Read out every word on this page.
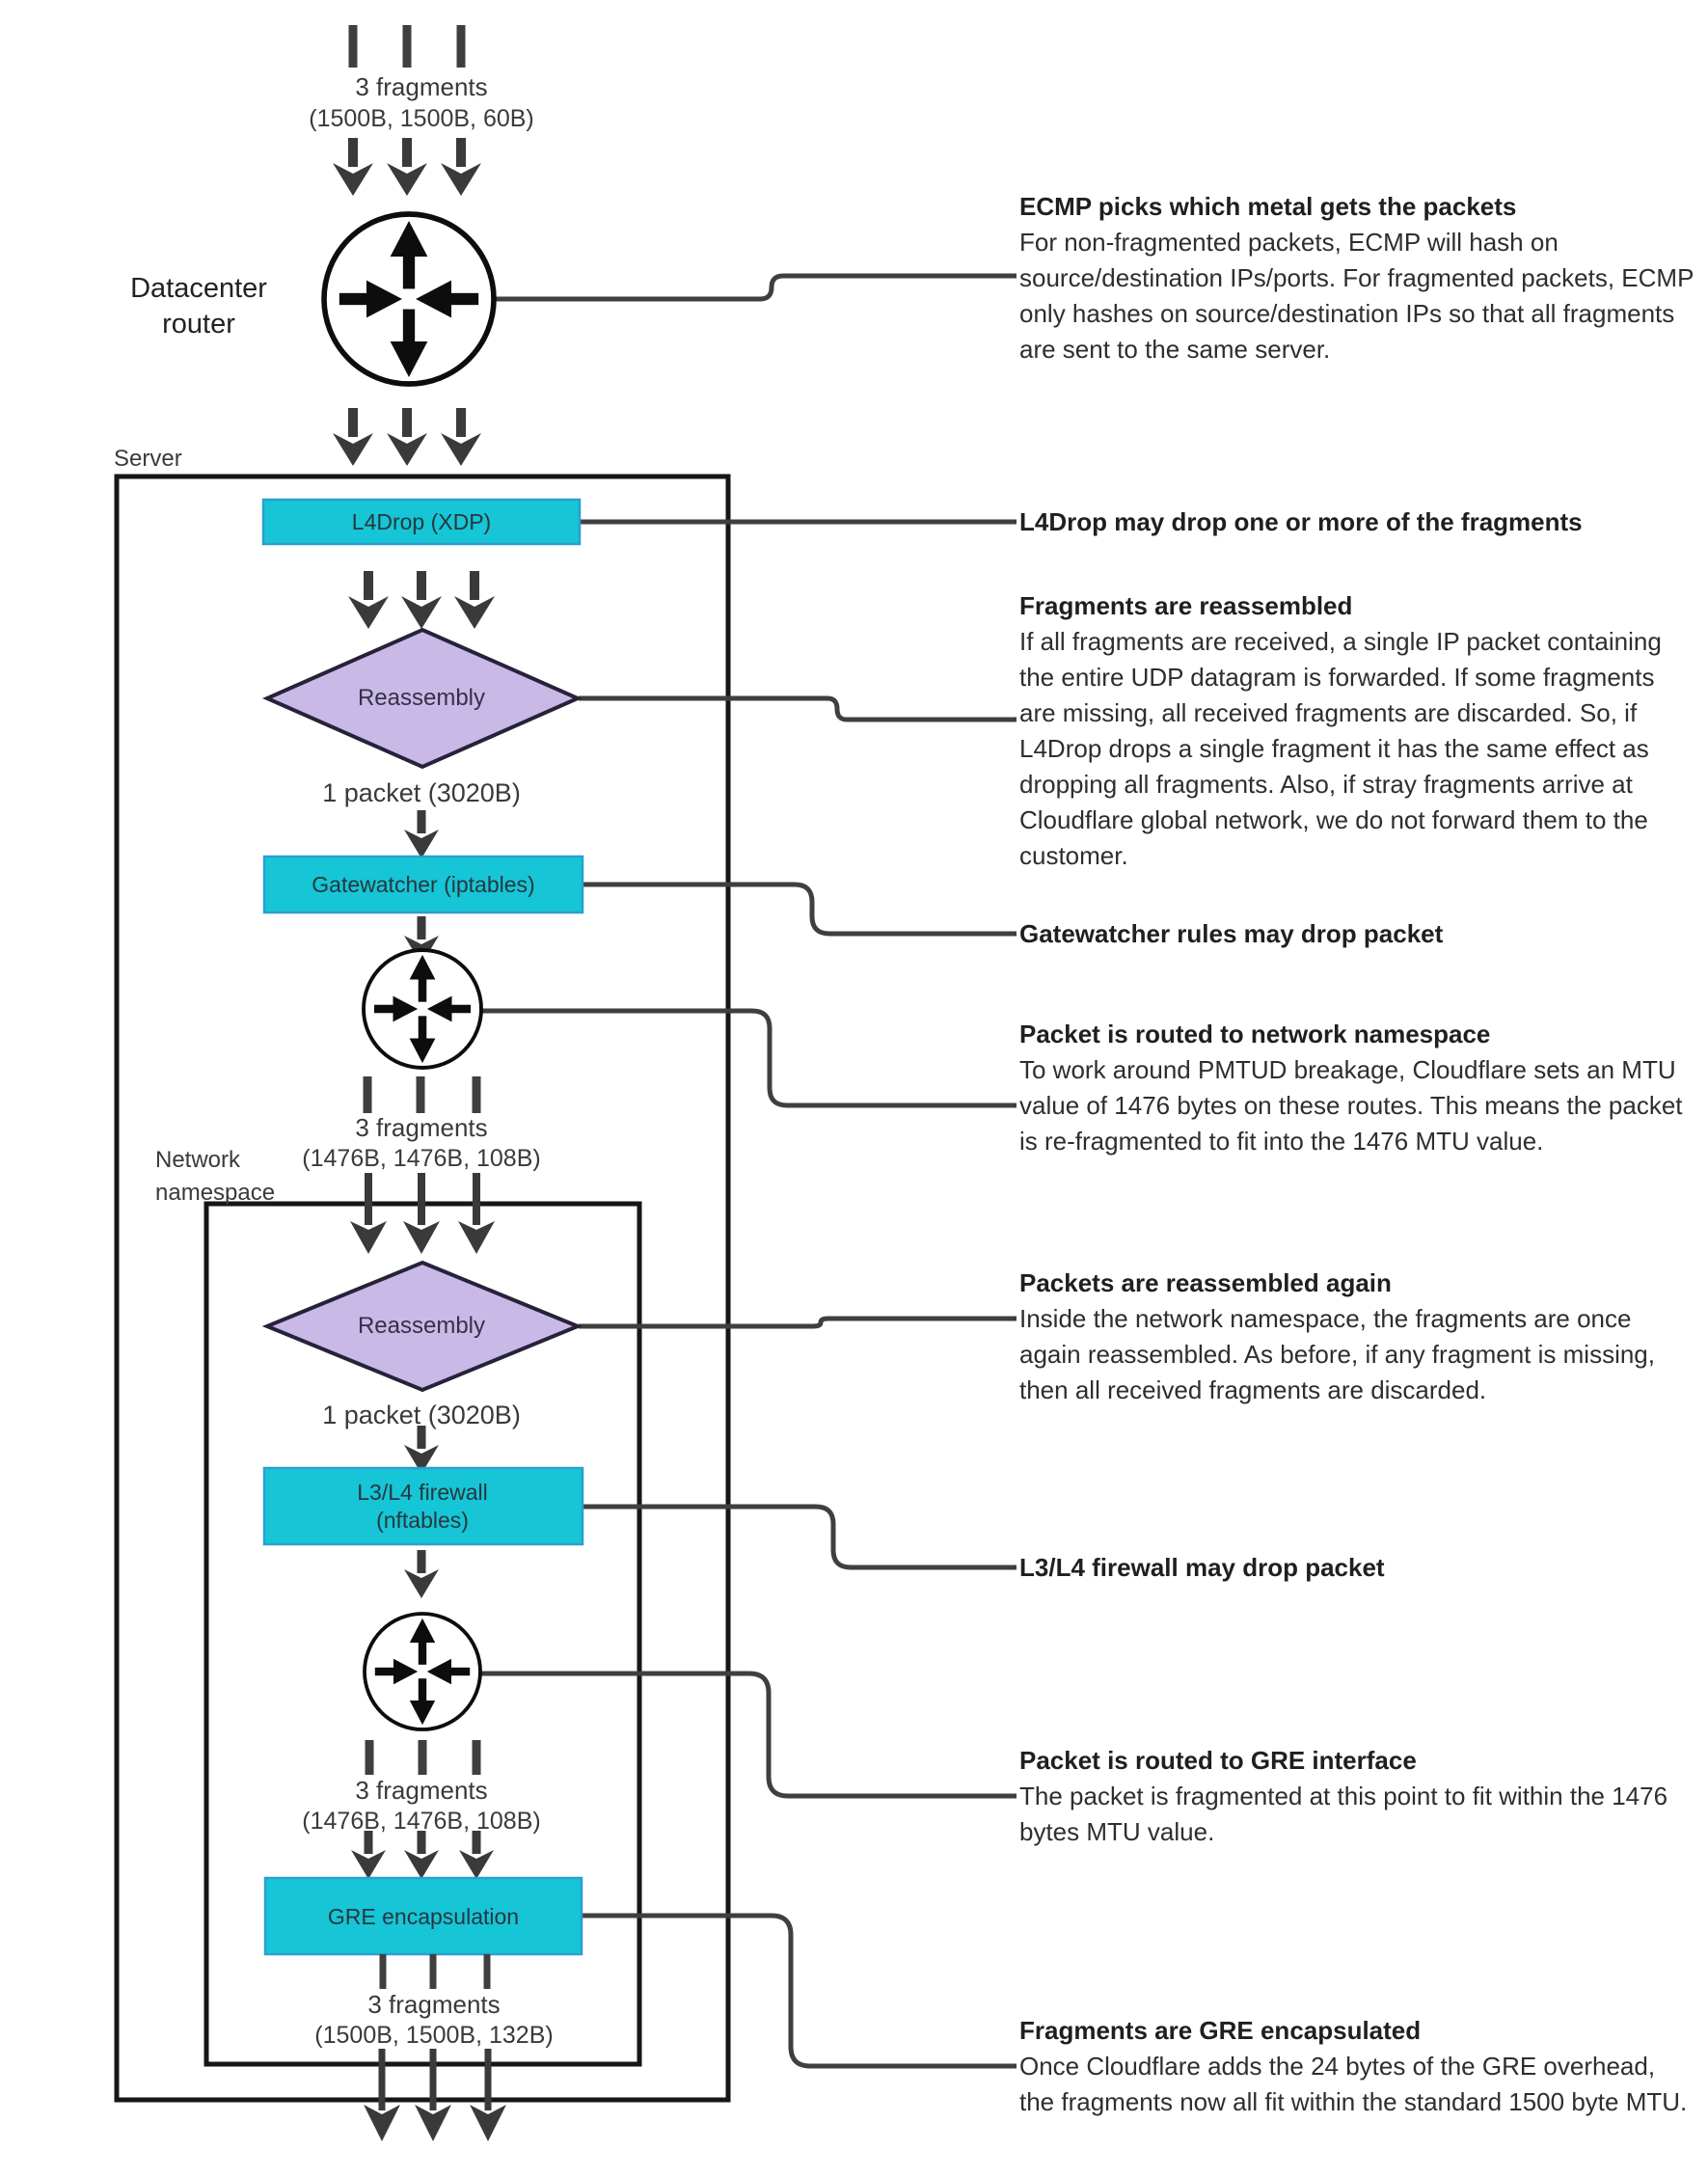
3 fragments
(1500B, 1500B, 60B)
Datacenter router
Server
L4Drop (XDP)
Reassembly
1 packet (3020B)
Gatewatcher (iptables)
3 fragments
(1476B, 1476B, 108B)
Network namespace
Reassembly
1 packet (3020B)
L3/L4 firewall (nftables)
3 fragments
(1476B, 1476B, 108B)
GRE encapsulation
3 fragments
(1500B, 1500B, 132B)
ECMP picks which metal gets the packets
For non-fragmented packets, ECMP will hash on source/destination IPs/ports. For fragmented packets, ECMP only hashes on source/destination IPs so that all fragments are sent to the same server.
L4Drop may drop one or more of the fragments
Fragments are reassembled
If all fragments are received, a single IP packet containing the entire UDP datagram is forwarded. If some fragments are missing, all received fragments are discarded. So, if L4Drop drops a single fragment it has the same effect as dropping all fragments. Also, if stray fragments arrive at Cloudflare global network, we do not forward them to the customer.
Gatewatcher rules may drop packet
Packet is routed to network namespace
To work around PMTUD breakage, Cloudflare sets an MTU value of 1476 bytes on these routes. This means the packet is re-fragmented to fit into the 1476 MTU value.
Packets are reassembled again
Inside the network namespace, the fragments are once again reassembled. As before, if any fragment is missing, then all received fragments are discarded.
L3/L4 firewall may drop packet
Packet is routed to GRE interface
The packet is fragmented at this point to fit within the 1476 bytes MTU value.
Fragments are GRE encapsulated
Once Cloudflare adds the 24 bytes of the GRE overhead, the fragments now all fit within the standard 1500 byte MTU.
